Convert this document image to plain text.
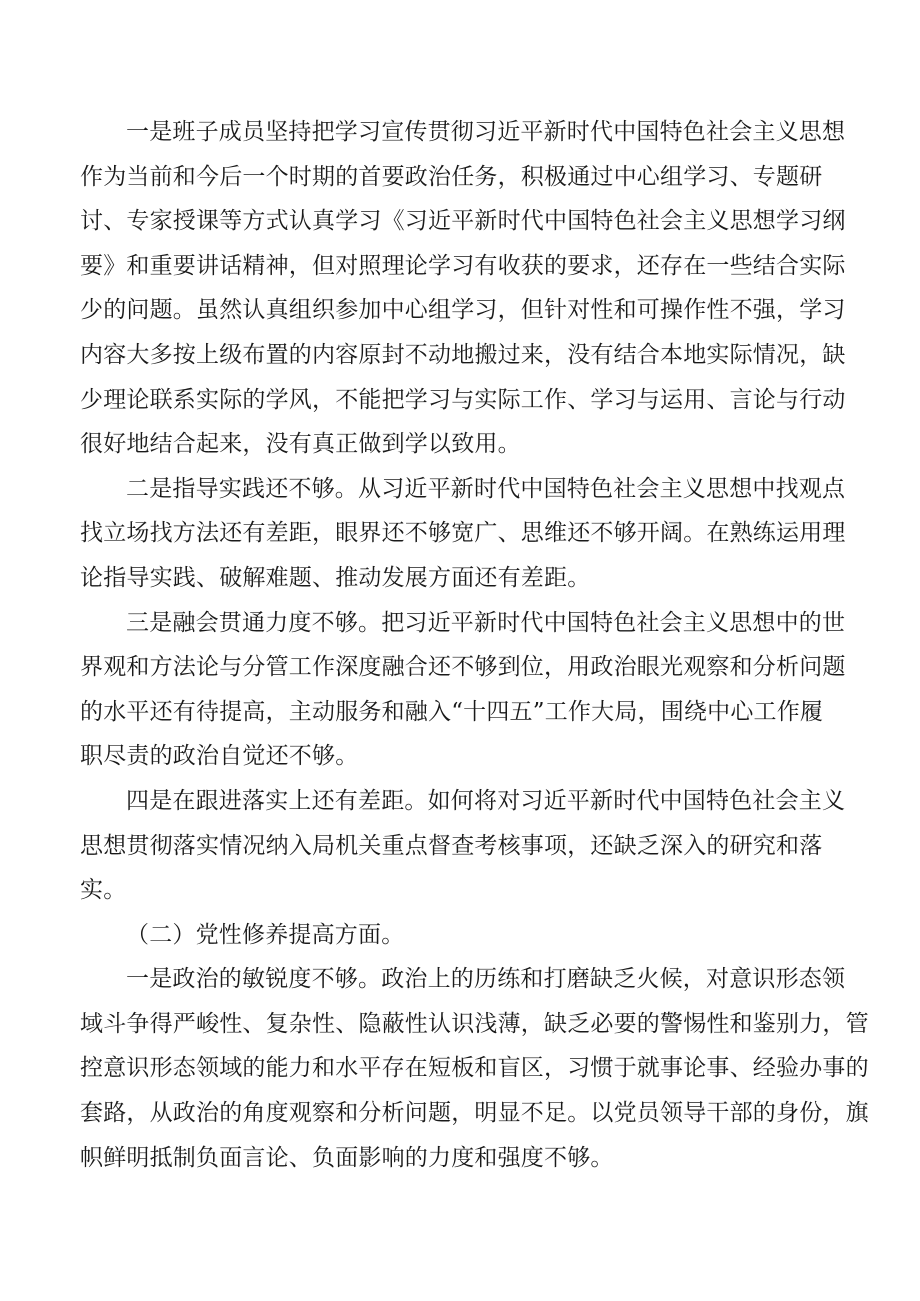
一是班子成员坚持把学习宣传贯彻习近平新时代中国特色社会主义思想
作为当前和今后一个时期的首要政治任务，积极通过中心组学习、专题研
讨、专家授课等方式认真学习《习近平新时代中国特色社会主义思想学习纲
要》和重要讲话精神，但对照理论学习有收获的要求，还存在一些结合实际
少的问题。虽然认真组织参加中心组学习，但针对性和可操作性不强，学习
内容大多按上级布置的内容原封不动地搬过来，没有结合本地实际情况，缺
少理论联系实际的学风，不能把学习与实际工作、学习与运用、言论与行动
很好地结合起来，没有真正做到学以致用。

二是指导实践还不够。从习近平新时代中国特色社会主义思想中找观点
找立场找方法还有差距，眼界还不够宽广、思维还不够开阔。在熟练运用理
论指导实践、破解难题、推动发展方面还有差距。

三是融会贯通力度不够。把习近平新时代中国特色社会主义思想中的世
界观和方法论与分管工作深度融合还不够到位，用政治眼光观察和分析问题
的水平还有待提高，主动服务和融入“十四五”工作大局，围绕中心工作履
职尽责的政治自觉还不够。

四是在跟进落实上还有差距。如何将对习近平新时代中国特色社会主义
思想贯彻落实情况纳入局机关重点督查考核事项，还缺乏深入的研究和落
实。

（二）党性修养提高方面。

一是政治的敏锐度不够。政治上的历练和打磨缺乏火候，对意识形态领
域斗争得严峻性、复杂性、隐蔽性认识浅薄，缺乏必要的警惕性和鉴别力，管
控意识形态领域的能力和水平存在短板和盲区，习惯于就事论事、经验办事的
套路，从政治的角度观察和分析问题，明显不足。以党员领导干部的身份，旗
帜鲜明抵制负面言论、负面影响的力度和强度不够。
